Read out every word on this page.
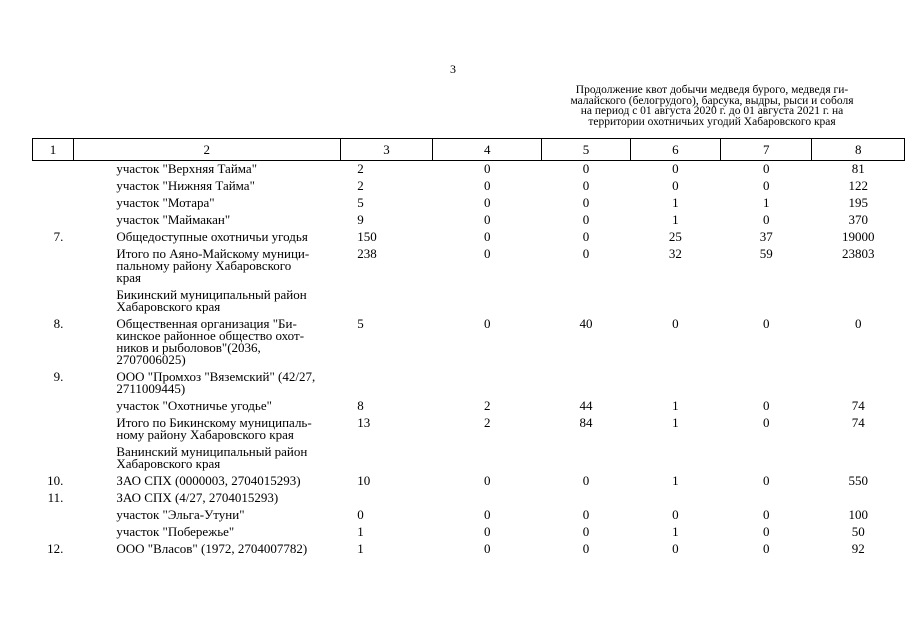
3
Продолжение квот добычи медведя бурого, медведя ги-
малайского (белогрудого), барсука, выдры, рыси и соболя
на период с 01 августа 2020 г. до 01 августа 2021 г. на
территории охотничьих угодий Хабаровского края
1	2	3	4	5	6	7	8

	участок "Верхняя Тайма"	2	0	0	0	0	81

	участок "Нижняя Тайма"	2	0	0	0	0	122

	участок "Мотара"	5	0	0	1	1	195

	участок "Маймакан"	9	0	0	1	0	370
7.	Общедоступные охотничьи угодья	150	0	0	25	37	19000

	Итого по Аяно-Майскому муници-
пальному району Хабаровского
края	238	0	0	32	59	23803

	Бикинский муниципальный район
Хабаровского края						

8.	Общественная организация "Би-
кинское районное общество охот-
ников и рыболовов"(2036,
2707006025)	5	0	40	0	0	0
9.	ООО "Промхоз "Вяземский" (42/27,
2711009445)						

	участок "Охотничье угодье"	8	2	44	1	0	74

	Итого по Бикинскому муниципаль-
ному району Хабаровского края	13	2	84	1	0	74

	Ванинский муниципальный район
Хабаровского края						

10.	ЗАО СПХ (0000003, 2704015293)	10	0	0	1	0	550
11.	ЗАО СПХ (4/27, 2704015293)						

	участок "Эльга-Утуни"	0	0	0	0	0	100

	участок "Побережье"	1	0	0	1	0	50
12.	ООО "Власов" (1972, 2704007782)	1	0	0	0	0	92
